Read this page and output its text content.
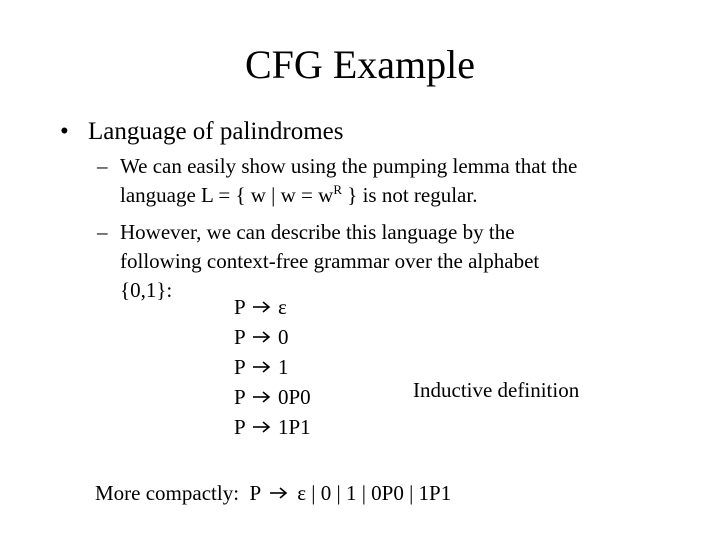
CFG Example
• Language of palindromes
– We can easily show using the pumping lemma that the
language L = { w | $w = w^R$ } is not regular.
– However, we can describe this language by the
following context-free grammar over the alphabet
{0,1}:
P ε
P 0
P 1
P 0P0
P 1P1
Inductive definition
More compactly:  P ε | 0 | 1 | 0P0 | 1P1
